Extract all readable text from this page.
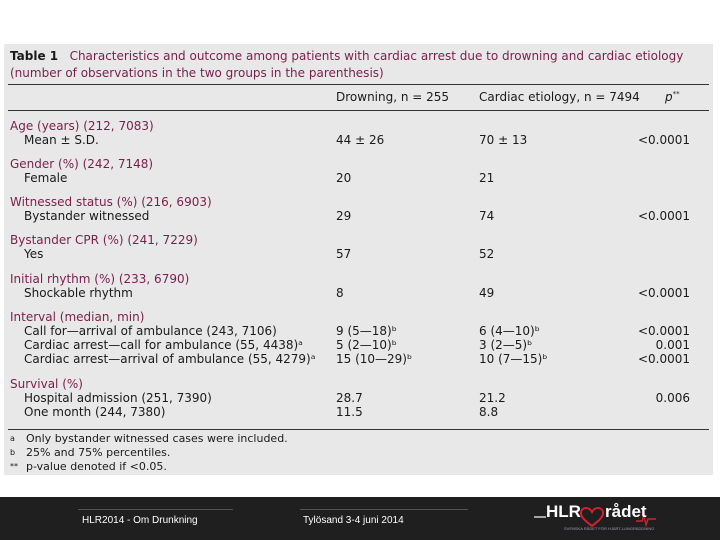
Table 1 Characteristics and outcome among patients with cardiac arrest due to drowning and cardiac etiology (number of observations in the two groups in the parenthesis)
Drowning, n = 255 Cardiac etiology, n = 7494 p**
Age (years) (212, 7083)
Mean ± S.D.	44 ± 26	70 ± 13	<0.0001
Gender (%) (242, 7148)
Female	20	21
Witnessed status (%) (216, 6903)
Bystander witnessed	29	74	<0.0001
Bystander CPR (%) (241, 7229)
Yes	57	52
Initial rhythm (%) (233, 6790)
Shockable rhythm	8	49	<0.0001
Interval (median, min)
Call for—arrival of ambulance (243, 7106)	9 (5—18)ᵇ	6 (4—10)ᵇ	<0.0001
Cardiac arrest—call for ambulance (55, 4438)ᵃ	5 (2—10)ᵇ	3 (2—5)ᵇ	0.001
Cardiac arrest—arrival of ambulance (55, 4279)ᵃ 15 (10—29)ᵇ	10 (7—15)ᵇ	<0.0001
Survival (%)
Hospital admission (251, 7390)	28.7	21.2	0.006
One month (244, 7380)	11.5	8.8
a Only bystander witnessed cases were included.
b 25% and 75% percentiles.
** p-value denoted if <0.05.
HLR2014 - Om Drunkning	Tylösand 3-4 juni 2014	HLR rådet
SVENSKA RÅDET FÖR HJÄRT-LUNGRÄDDNING
